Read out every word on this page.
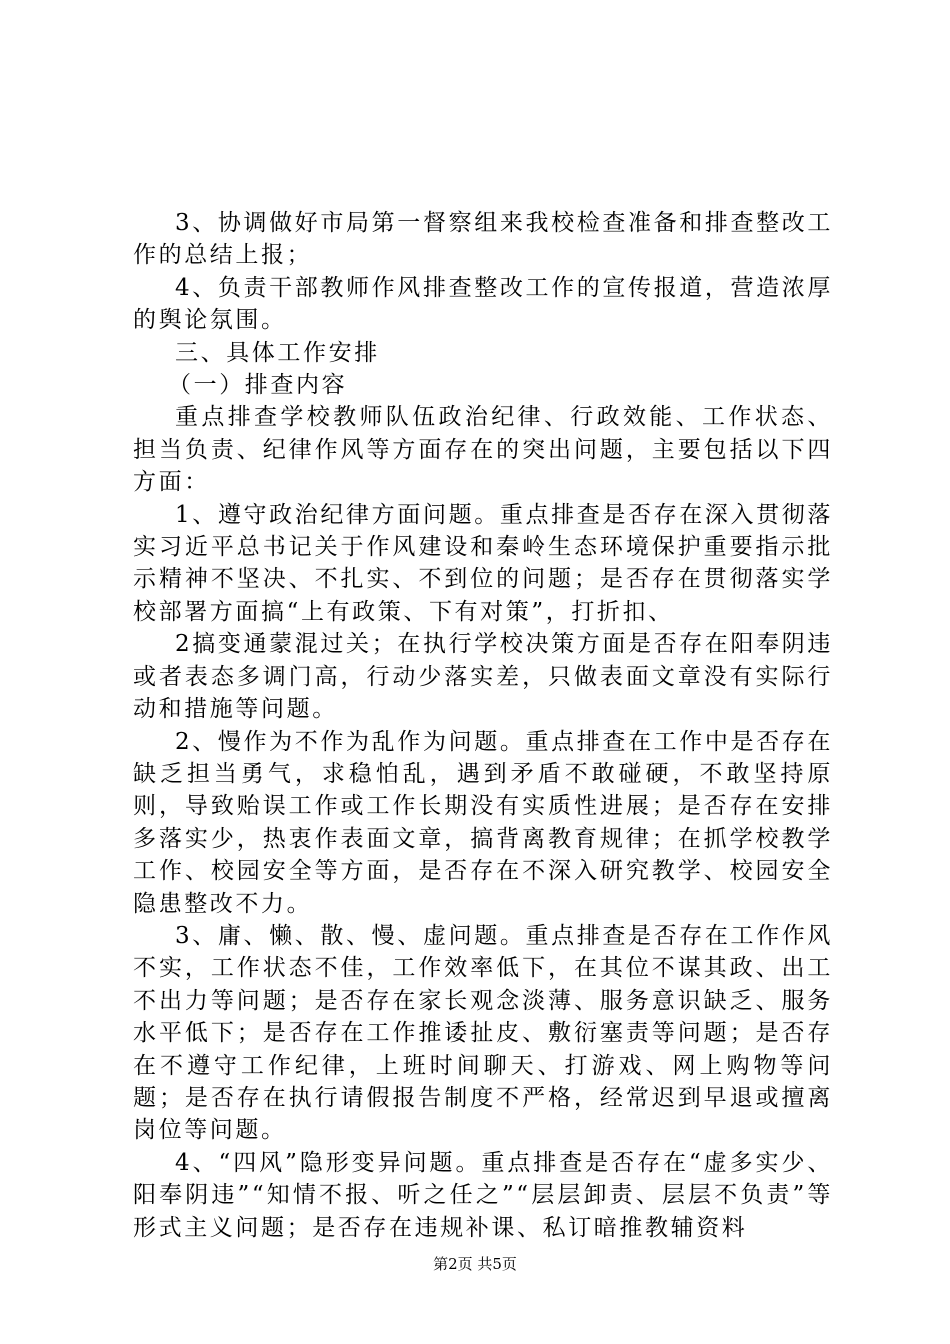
3、协调做好市局第一督察组来我校检查准备和排查整改工作的总结上报；

4、负责干部教师作风排查整改工作的宣传报道，营造浓厚的舆论氛围。

三、具体工作安排

（一）排查内容

重点排查学校教师队伍政治纪律、行政效能、工作状态、担当负责、纪律作风等方面存在的突出问题，主要包括以下四方面：

1、遵守政治纪律方面问题。重点排查是否存在深入贯彻落实习近平总书记关于作风建设和秦岭生态环境保护重要指示批示精神不坚决、不扎实、不到位的问题；是否存在贯彻落实学校部署方面搞“上有政策、下有对策”，打折扣、

2搞变通蒙混过关；在执行学校决策方面是否存在阳奉阴违或者表态多调门高，行动少落实差，只做表面文章没有实际行动和措施等问题。

2、慢作为不作为乱作为问题。重点排查在工作中是否存在缺乏担当勇气，求稳怕乱，遇到矛盾不敢碰硬，不敢坚持原则，导致贻误工作或工作长期没有实质性进展；是否存在安排多落实少，热衷作表面文章，搞背离教育规律；在抓学校教学工作、校园安全等方面，是否存在不深入研究教学、校园安全隐患整改不力。

3、庸、懒、散、慢、虚问题。重点排查是否存在工作作风不实，工作状态不佳，工作效率低下，在其位不谋其政、出工不出力等问题；是否存在家长观念淡薄、服务意识缺乏、服务水平低下；是否存在工作推诿扯皮、敷衍塞责等问题；是否存在不遵守工作纪律，上班时间聊天、打游戏、网上购物等问题；是否存在执行请假报告制度不严格，经常迟到早退或擅离岗位等问题。

4、“四风”隐形变异问题。重点排查是否存在“虚多实少、阳奉阴违”“知情不报、听之任之”“层层卸责、层层不负责”等形式主义问题；是否存在违规补课、私订暗推教辅资料

第2页 共5页
